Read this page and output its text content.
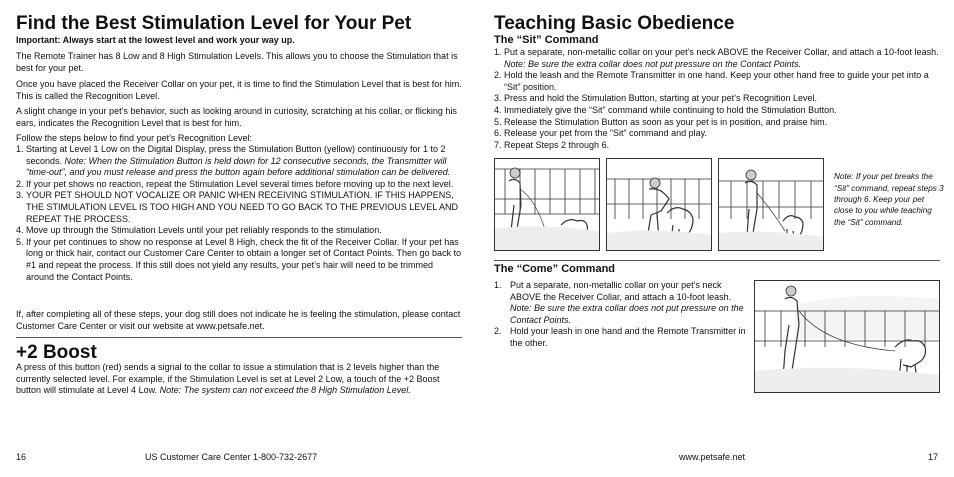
Find the Best Stimulation Level for Your Pet

Important: Always start at the lowest level and work your way up.

The Remote Trainer has 8 Low and 8 High Stimulation Levels. This allows you to choose the Stimulation that is best for your pet.

Once you have placed the Receiver Collar on your pet, it is time to find the Stimulation Level that is best for him. This is called the Recognition Level.

A slight change in your pet’s behavior, such as looking around in curiosity, scratching at his collar, or flicking his ears, indicates the Recognition Level that is best for him.

Follow the steps below to find your pet’s Recognition Level:

1. Starting at Level 1 Low on the Digital Display, press the Stimulation Button (yellow) continuously for 1 to 2 seconds. Note: When the Stimulation Button is held down for 12 consecutive seconds, the Transmitter will “time-out”, and you must release and press the button again before additional stimulation can be delivered.
2. If your pet shows no reaction, repeat the Stimulation Level several times before moving up to the next level.
3. YOUR PET SHOULD NOT VOCALIZE OR PANIC WHEN RECEIVING STIMULATION. IF THIS HAPPENS, THE STIMULATION LEVEL IS TOO HIGH AND YOU NEED TO GO BACK TO THE PREVIOUS LEVEL AND REPEAT THE PROCESS.
4. Move up through the Stimulation Levels until your pet reliably responds to the stimulation.
5. If your pet continues to show no response at Level 8 High, check the fit of the Receiver Collar. If your pet has long or thick hair, contact our Customer Care Center to obtain a longer set of Contact Points. Then go back to #1 and repeat the process. If this still does not yield any results, your pet’s hair will need to be trimmed around the Contact Points.

If, after completing all of these steps, your dog still does not indicate he is feeling the stimulation, please contact Customer Care Center or visit our website at www.petsafe.net.

+2 Boost

A press of this button (red) sends a signal to the collar to issue a stimulation that is 2 levels higher than the currently selected level. For example, if the Stimulation Level is set at Level 2 Low, a touch of the +2 Boost button will stimulate at Level 4 Low. Note: The system can not exceed the 8 High Stimulation Level.

Teaching Basic Obedience
The “Sit” Command
1. Put a separate, non-metallic collar on your pet’s neck ABOVE the Receiver Collar, and attach a 10-foot leash. Note: Be sure the extra collar does not put pressure on the Contact Points.
2. Hold the leash and the Remote Transmitter in one hand. Keep your other hand free to guide your pet into a “Sit” position.
3. Press and hold the Stimulation Button, starting at your pet’s Recognition Level.
4. Immediately give the “Sit” command while continuing to hold the Stimulation Button.
5. Release the Stimulation Button as soon as your pet is in position, and praise him.
6. Release your pet from the “Sit” command and play.
7. Repeat Steps 2 through 6.

Note: If your pet breaks the “Sit” command, repeat steps 3 through 6. Keep your pet close to you while teaching the “Sit” command.

The “Come” Command
1. Put a separate, non-metallic collar on your pet’s neck ABOVE the Receiver Collar, and attach a 10-foot leash. Note: Be sure the extra collar does not put pressure on the Contact Points.
2. Hold your leash in one hand and the Remote Transmitter in the other.
16	US Customer Care Center 1-800-732-2677	www.petsafe.net	17
